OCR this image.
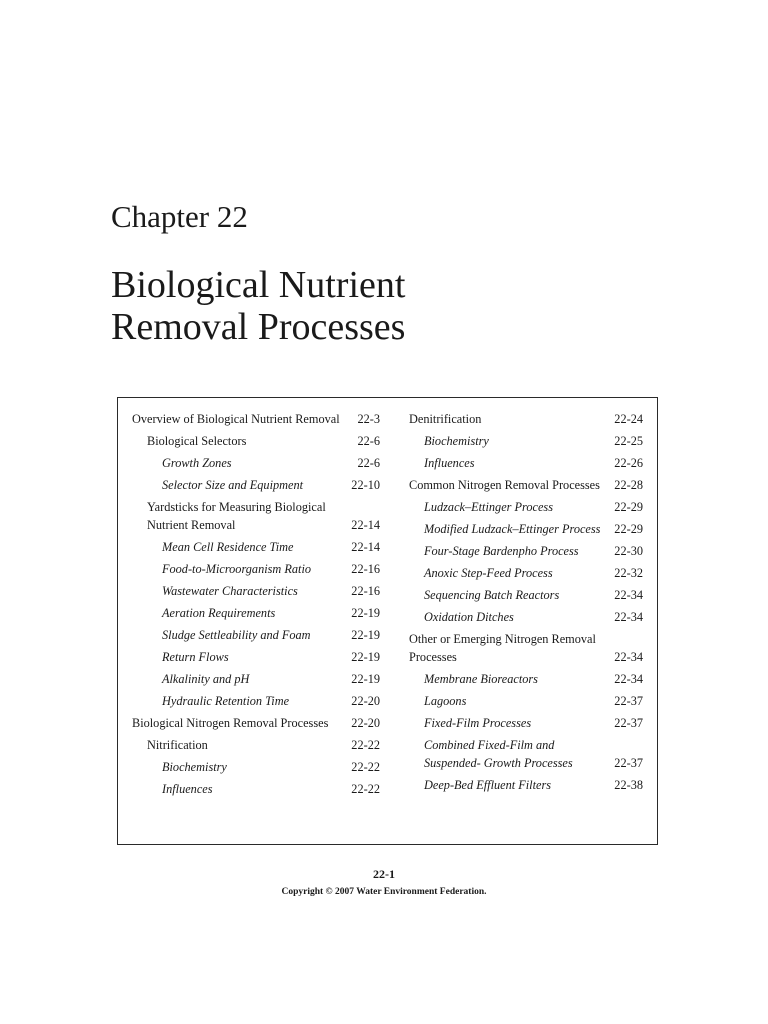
Chapter 22
Biological Nutrient
Removal Processes
Overview of Biological Nutrient Removal	22-3
Biological Selectors	22-6
Growth Zones	22-6
Selector Size and Equipment	22-10
Yardsticks for Measuring Biological Nutrient Removal	22-14
Mean Cell Residence Time	22-14
Food-to-Microorganism Ratio	22-16
Wastewater Characteristics	22-16
Aeration Requirements	22-19
Sludge Settleability and Foam	22-19
Return Flows	22-19
Alkalinity and pH	22-19
Hydraulic Retention Time	22-20
Biological Nitrogen Removal Processes	22-20
Nitrification	22-22
Biochemistry	22-22
Influences	22-22
Denitrification	22-24
Biochemistry	22-25
Influences	22-26
Common Nitrogen Removal Processes	22-28
Ludzack–Ettinger Process	22-29
Modified Ludzack–Ettinger Process	22-29
Four-Stage Bardenpho Process	22-30
Anoxic Step-Feed Process	22-32
Sequencing Batch Reactors	22-34
Oxidation Ditches	22-34
Other or Emerging Nitrogen Removal Processes	22-34
Membrane Bioreactors	22-34
Lagoons	22-37
Fixed-Film Processes	22-37
Combined Fixed-Film and Suspended- Growth Processes	22-37
Deep-Bed Effluent Filters	22-38
22-1
Copyright © 2007 Water Environment Federation.
